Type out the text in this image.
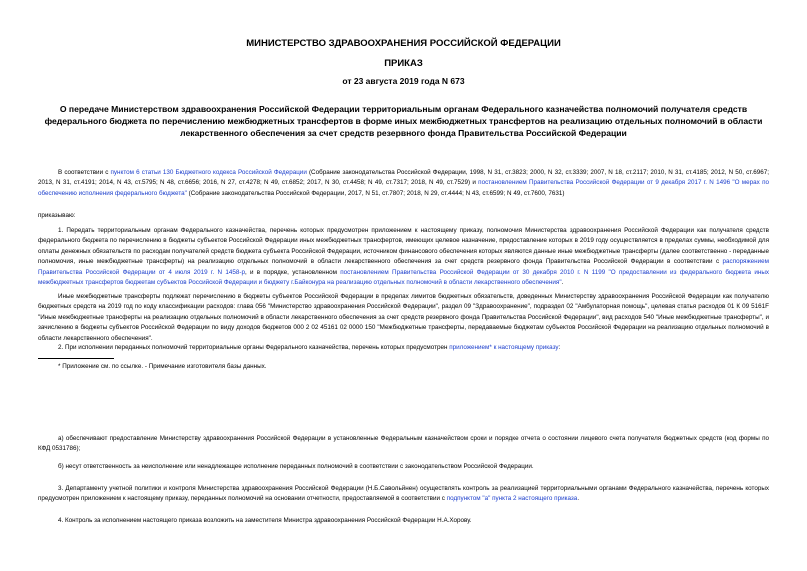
МИНИСТЕРСТВО ЗДРАВООХРАНЕНИЯ РОССИЙСКОЙ ФЕДЕРАЦИИ
ПРИКАЗ
от 23 августа 2019 года N 673
О передаче Министерством здравоохранения Российской Федерации территориальным органам Федерального казначейства полномочий получателя средств федерального бюджета по перечислению межбюджетных трансфертов в форме иных межбюджетных трансфертов на реализацию отдельных полномочий в области лекарственного обеспечения за счет средств резервного фонда Правительства Российской Федерации
В соответствии с пунктом 6 статьи 130 Бюджетного кодекса Российской Федерации (Собрание законодательства Российской Федерации, 1998, N 31, ст.3823; 2000, N 32, ст.3339; 2007, N 18, ст.2117; 2010, N 31, ст.4185; 2012, N 50, ст.6967; 2013, N 31, ст.4191; 2014, N 43, ст.5795; N 48, ст.6656; 2016, N 27, ст.4278; N 49, ст.6852; 2017, N 30, ст.4458; N 49, ст.7317; 2018, N 49, ст.7529) и постановлением Правительства Российской Федерации от 9 декабря 2017 г. N 1496 "О мерах по обеспечению исполнения федерального бюджета" (Собрание законодательства Российской Федерации, 2017, N 51, ст.7807; 2018, N 29, ст.4444; N 43, ст.6599; N 49, ст.7600, 7631)
приказываю:
1. Передать территориальным органам Федерального казначейства, перечень которых предусмотрен приложением к настоящему приказу, полномочия Министерства здравоохранения Российской Федерации как получателя средств федерального бюджета по перечислению в бюджеты субъектов Российской Федерации иных межбюджетных трансфертов, имеющих целевое назначение, предоставление которых в 2019 году осуществляется в пределах суммы, необходимой для оплаты денежных обязательств по расходам получателей средств бюджета субъекта Российской Федерации, источником финансового обеспечения которых являются данные иные межбюджетные трансферты (далее соответственно - переданные полномочия, иные межбюджетные трансферты) на реализацию отдельных полномочий в области лекарственного обеспечения за счет средств резервного фонда Правительства Российской Федерации в соответствии с распоряжением Правительства Российской Федерации от 4 июля 2019 г. N 1458-р, и в порядке, установленном постановлением Правительства Российской Федерации от 30 декабря 2010 г. N 1199 "О предоставлении из федерального бюджета иных межбюджетных трансфертов бюджетам субъектов Российской Федерации и бюджету г.Байконура на реализацию отдельных полномочий в области лекарственного обеспечения".
Иные межбюджетные трансферты подлежат перечислению в бюджеты субъектов Российской Федерации в пределах лимитов бюджетных обязательств, доведенных Министерству здравоохранения Российской Федерации как получателю бюджетных средств на 2019 год по коду классификации расходов: глава 056 "Министерство здравоохранения Российской Федерации", раздел 09 "Здравоохранение", подраздел 02 "Амбулаторная помощь", целевая статья расходов 01 К 09 5161F "Иные межбюджетные трансферты на реализацию отдельных полномочий в области лекарственного обеспечения за счет средств резервного фонда Правительства Российской Федерации", вид расходов 540 "Иные межбюджетные трансферты", и зачислению в бюджеты субъектов Российской Федерации по виду доходов бюджетов 000 2 02 45161 02 0000 150 "Межбюджетные трансферты, передаваемые бюджетам субъектов Российской Федерации на реализацию отдельных полномочий в области лекарственного обеспечения".
2. При исполнении переданных полномочий территориальные органы Федерального казначейства, перечень которых предусмотрен приложением* к настоящему приказу:
* Приложение см. по ссылке. - Примечание изготовителя базы данных.
а) обеспечивают предоставление Министерству здравоохранения Российской Федерации в установленные Федеральным казначейством сроки и порядке отчета о состоянии лицевого счета получателя бюджетных средств (код формы по КФД 0531786);
б) несут ответственность за неисполнение или ненадлежащее исполнение переданных полномочий в соответствии с законодательством Российской Федерации.
3. Департаменту учетной политики и контроля Министерства здравоохранения Российской Федерации (Н.Б.Савольйнен) осуществлять контроль за реализацией территориальными органами Федерального казначейства, перечень которых предусмотрен приложением к настоящему приказу, переданных полномочий на основании отчетности, предоставляемой в соответствии с подпунктом "а" пункта 2 настоящего приказа.
4. Контроль за исполнением настоящего приказа возложить на заместителя Министра здравоохранения Российской Федерации Н.А.Хорову.
